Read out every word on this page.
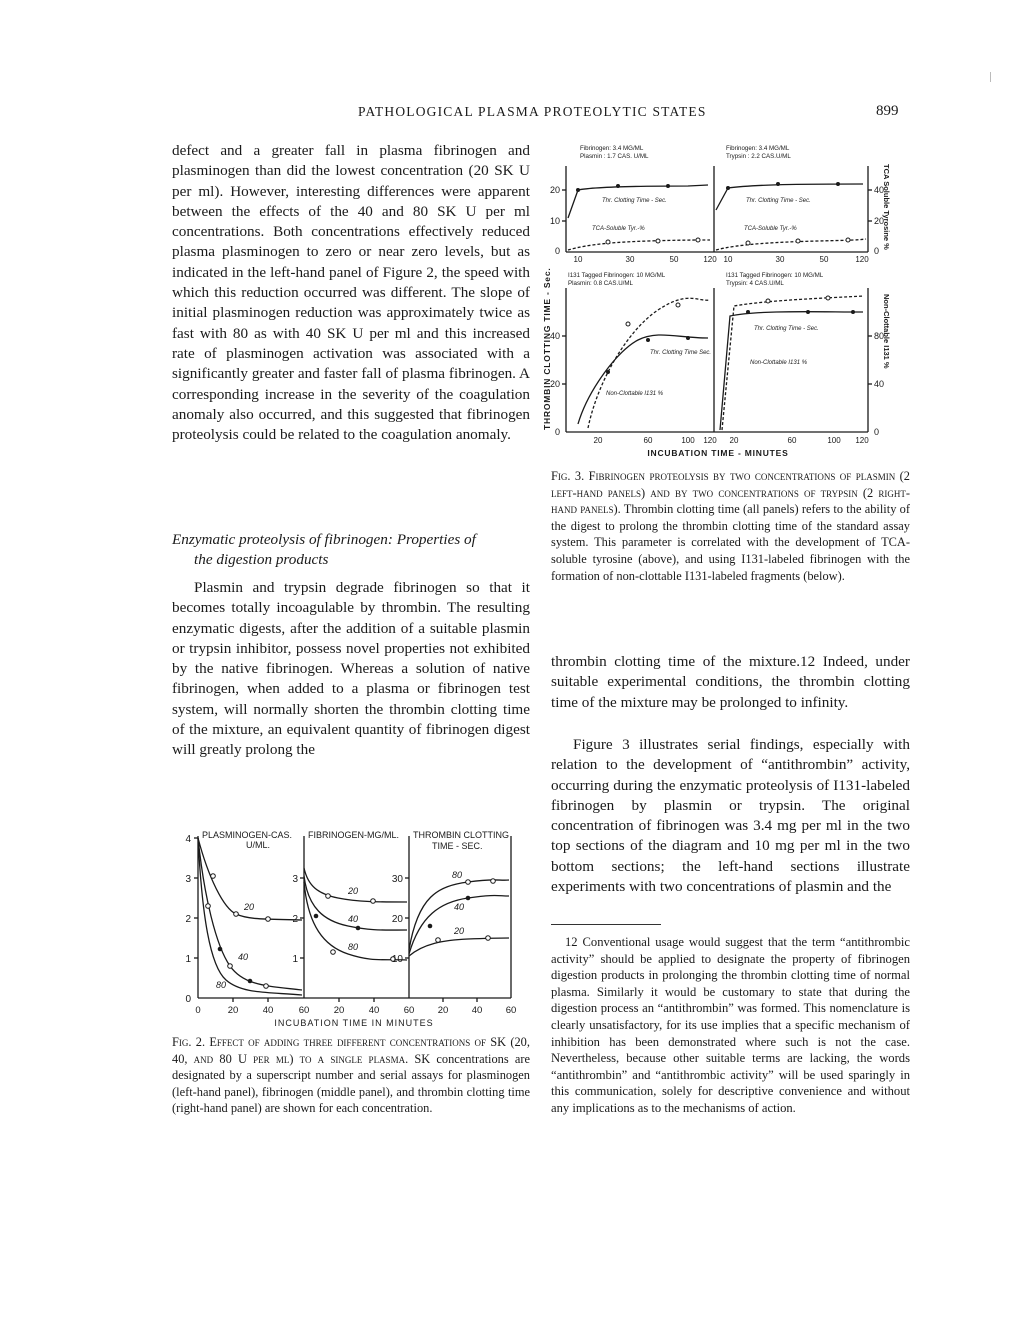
PATHOLOGICAL PLASMA PROTEOLYTIC STATES	899

defect and a greater fall in plasma fibrinogen and plasminogen than did the lowest concentration (20 SK U per ml). However, interesting differences were apparent between the effects of the 40 and 80 SK U per ml concentrations. Both concentrations effectively reduced plasma plasminogen to zero or near zero levels, but as indicated in the left-hand panel of Figure 2, the speed with which this reduction occurred was different. The slope of initial plasminogen reduction was approximately twice as fast with 80 as with 40 SK U per ml and this increased rate of plasminogen activation was associated with a significantly greater and faster fall of plasma fibrinogen. A corresponding increase in the severity of the coagulation anomaly also occurred, and this suggested that fibrinogen proteolysis could be related to the coagulation anomaly.

Enzymatic proteolysis of fibrinogen: Properties of
the digestion products

Plasmin and trypsin degrade fibrinogen so that it becomes totally incoagulable by thrombin. The resulting enzymatic digests, after the addition of a suitable plasmin or trypsin inhibitor, possess novel properties not exhibited by the native fibrinogen. Whereas a solution of native fibrinogen, when added to a plasma or fibrinogen test system, will normally shorten the thrombin clotting time of the mixture, an equivalent quantity of fibrinogen digest will greatly prolong the

PLASMINOGEN-CAS.
U/ML.
FIBRINOGEN-MG/ML. THROMBIN CLOTTING
TIME - SEC.
4
3
2
1
0
3
2
1
30
20
10
0	20	40	60	20	40	60 20 40 60
INCUBATION TIME IN MINUTES
20
40
80
20
40
80
80
40
20

Fig. 2. Effect of adding three different concentrations of SK (20, 40, and 80 U per ml) to a single plasma. SK concentrations are designated by a superscript number and serial assays for plasminogen (left-hand panel), fibrinogen (middle panel), and thrombin clotting time (right-hand panel) are shown for each concentration.

Fibrinogen: 3.4 MG/ML
Plasmin : 1.7 CAS. U/ML
Fibrinogen: 3.4 MG/ML
Trypsin : 2.2 CAS.U/ML
I131 Tagged Fibrinogen: 10 MG/ML
Plasmin: 0.8 CAS.U/ML
I131 Tagged Fibrinogen: 10 MG/ML
Trypsin: 4 CAS.U/ML
Thr. Clotting Time - Sec.
TCA-Soluble Tyr.-%
Thr. Clotting Time - Sec.
TCA-Soluble Tyr.-%
Thr. Clotting Time Sec.
Non-Clottable I131 %
Thr. Clotting Time - Sec.
Non-Clottable I131 %
20
10
0
40
20
0
40
20
0
80
40
0
10	30	50	120 10	30	50	120
20	60	100 120 20	60	100 120
INCUBATION TIME - MINUTES
THROMBIN CLOTTING TIME - Sec.
TCA Soluble Tyrosine %
Non-Clottable I131 %

Fig. 3. Fibrinogen proteolysis by two concentrations of plasmin (2 left-hand panels) and by two concentrations of trypsin (2 right-hand panels). Thrombin clotting time (all panels) refers to the ability of the digest to prolong the thrombin clotting time of the standard assay system. This parameter is correlated with the development of TCA-soluble tyrosine (above), and using I131-labeled fibrinogen with the formation of non-clottable I131-labeled fragments (below).

thrombin clotting time of the mixture.12 Indeed, under suitable experimental conditions, the thrombin clotting time of the mixture may be prolonged to infinity.

Figure 3 illustrates serial findings, especially with relation to the development of “antithrombin” activity, occurring during the enzymatic proteolysis of I131-labeled fibrinogen by plasmin or trypsin. The original concentration of fibrinogen was 3.4 mg per ml in the two top sections of the diagram and 10 mg per ml in the two bottom sections; the left-hand sections illustrate experiments with two concentrations of plasmin and the

12 Conventional usage would suggest that the term “antithrombic activity” should be applied to designate the property of fibrinogen digestion products in prolonging the thrombin clotting time of normal plasma. Similarly it would be customary to state that during the digestion process an “antithrombin” was formed. This nomenclature is clearly unsatisfactory, for its use implies that a specific mechanism of inhibition has been demonstrated where such is not the case. Nevertheless, because other suitable terms are lacking, the words “antithrombin” and “antithrombic activity” will be used sparingly in this communication, solely for descriptive convenience and without any implications as to the mechanisms of action.
